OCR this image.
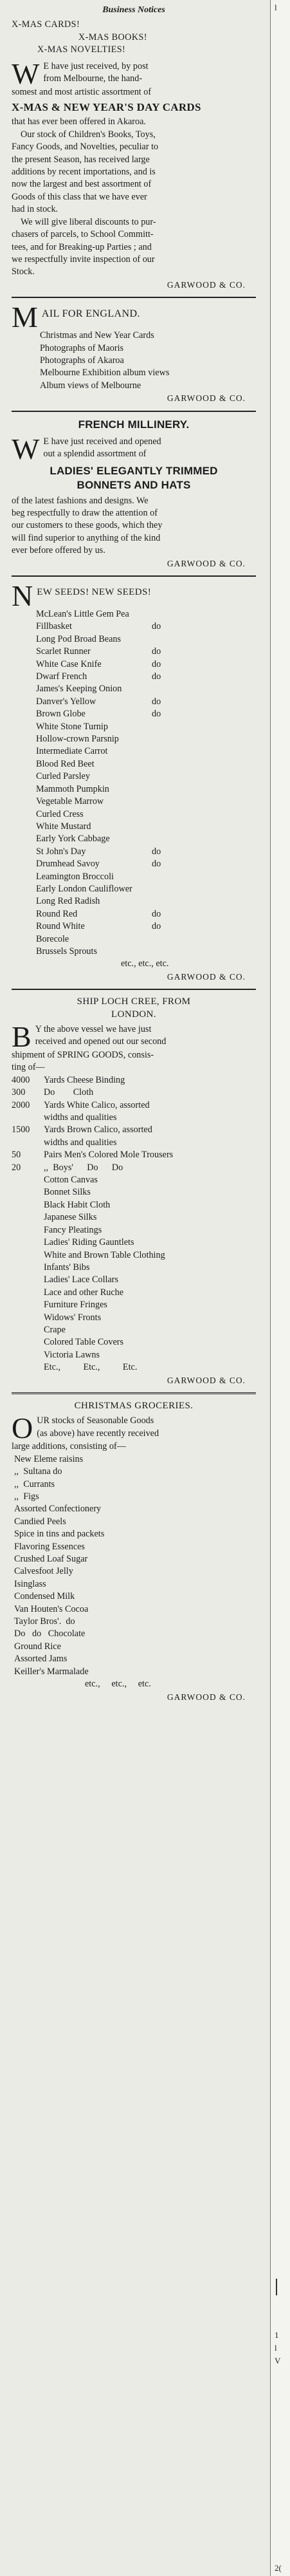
Business Notices
X-MAS CARDS!
X-MAS BOOKS!
X-MAS NOVELTIES!
W E have just received, by post
from Melbourne, the hand-
somest and most artistic assortment of
X-MAS & NEW YEAR'S DAY CARDS
that has ever been offered in Akaroa.
Our stock of Children's Books, Toys,
Fancy Goods, and Novelties, peculiar to
the present Season, has received large
additions by recent importations, and is
now the largest and best assortment of
Goods of this class that we have ever
had in stock.
We will give liberal discounts to pur-
chasers of parcels, to School Committ-
tees, and for Breaking-up Parties ; and
we respectfully invite inspection of our
Stock.
GARWOOD & CO.
M AIL FOR ENGLAND.
Christmas and New Year Cards
Photographs of Maoris
Photographs of Akaroa
Melbourne Exhibition album views
Album views of Melbourne
GARWOOD & CO.
FRENCH MILLINERY.
W E have just received and opened
out a splendid assortment of
LADIES' ELEGANTLY TRIMMED
BONNETS AND HATS
of the latest fashions and designs. We
beg respectfully to draw the attention of
our customers to these goods, which they
will find superior to anything of the kind
ever before offered by us.
GARWOOD & CO.
N EW SEEDS! NEW SEEDS!
McLean's Little Gem Pea
Fillbasket	do
Long Pod Broad Beans
Scarlet Runner	do
White Case Knife	do
Dwarf French	do
James's Keeping Onion
Danver's Yellow	do
Brown Globe	do
White Stone Turnip
Hollow-crown Parsnip
Intermediate Carrot
Blood Red Beet
Curled Parsley
Mammoth Pumpkin
Vegetable Marrow
Curled Cress
White Mustard
Early York Cabbage
St John's Day	do
Drumhead Savoy	do
Leamington Broccoli
Early London Cauliflower
Long Red Radish
Round Red	do
Round White	do
Borecole
Brussels Sprouts
etc., etc., etc.
GARWOOD & CO.
SHIP LOCH CREE, FROM
LONDON.
B Y the above vessel we have just
received and opened out our second
shipment of SPRING GOODS, consis-
ting of—
4000	Yards Cheese Binding
300	Do        Cloth
2000	Yards White Calico, assorted
widths and qualities
1500	Yards Brown Calico, assorted
widths and qualities
50	Pairs Men's Colored Mole Trousers
20	,,  Boys'      Do      Do
Cotton Canvas
Bonnet Silks
Black Habit Cloth
Japanese Silks
Fancy Pleatings
Ladies' Riding Gauntlets
White and Brown Table Clothing
Infants' Bibs
Ladies' Lace Collars
Lace and other Ruche
Furniture Fringes
Widows' Fronts
Crape
Colored Table Covers
Victoria Lawns
Etc.,          Etc.,          Etc.
GARWOOD & CO.
CHRISTMAS GROCERIES.
O UR stocks of Seasonable Goods
(as above) have recently received
large additions, consisting of—
New Eleme raisins
,,  Sultana do
,,  Currants
,,  Figs
Assorted Confectionery
Candied Peels
Spice in tins and packets
Flavoring Essences
Crushed Loaf Sugar
Calvesfoot Jelly
Isinglass
Condensed Milk
Van Houten's Cocoa
Taylor Bros'.  do
Do   do   Chocolate
Ground Rice
Assorted Jams
Keiller's Marmalade
etc.,     etc.,     etc.
GARWOOD & CO.
l
1
l
V
2(
